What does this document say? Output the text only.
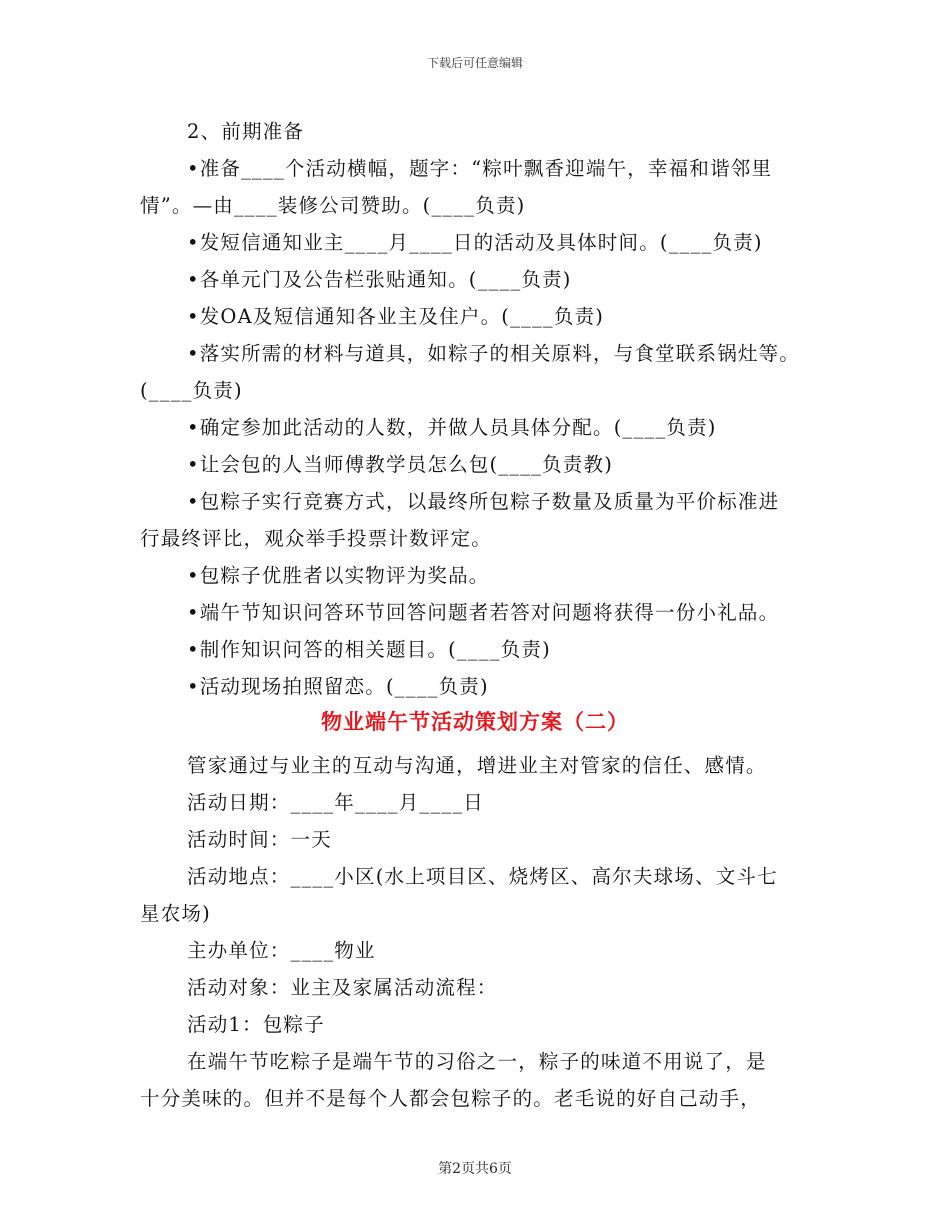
下载后可任意编辑
2、前期准备
•准备____个活动横幅，题字：“粽叶飘香迎端午，幸福和谐邻里
情”。—由____装修公司赞助。(____负责)
•发短信通知业主____月____日的活动及具体时间。(____负责)
•各单元门及公告栏张贴通知。(____负责)
•发OA及短信通知各业主及住户。(____负责)
•落实所需的材料与道具，如粽子的相关原料，与食堂联系锅灶等。
(____负责)
•确定参加此活动的人数，并做人员具体分配。(____负责)
•让会包的人当师傅教学员怎么包(____负责教)
•包粽子实行竞赛方式，以最终所包粽子数量及质量为平价标准进
行最终评比，观众举手投票计数评定。
•包粽子优胜者以实物评为奖品。
•端午节知识问答环节回答问题者若答对问题将获得一份小礼品。
•制作知识问答的相关题目。(____负责)
•活动现场拍照留恋。(____负责)
物业端午节活动策划方案（二）
管家通过与业主的互动与沟通，增进业主对管家的信任、感情。
活动日期：____年____月____日
活动时间：一天
活动地点：____小区(水上项目区、烧烤区、高尔夫球场、文斗七
星农场)
主办单位：____物业
活动对象：业主及家属活动流程：
活动1：包粽子
在端午节吃粽子是端午节的习俗之一，粽子的味道不用说了，是
十分美味的。但并不是每个人都会包粽子的。老毛说的好自己动手，
第2页共6页
